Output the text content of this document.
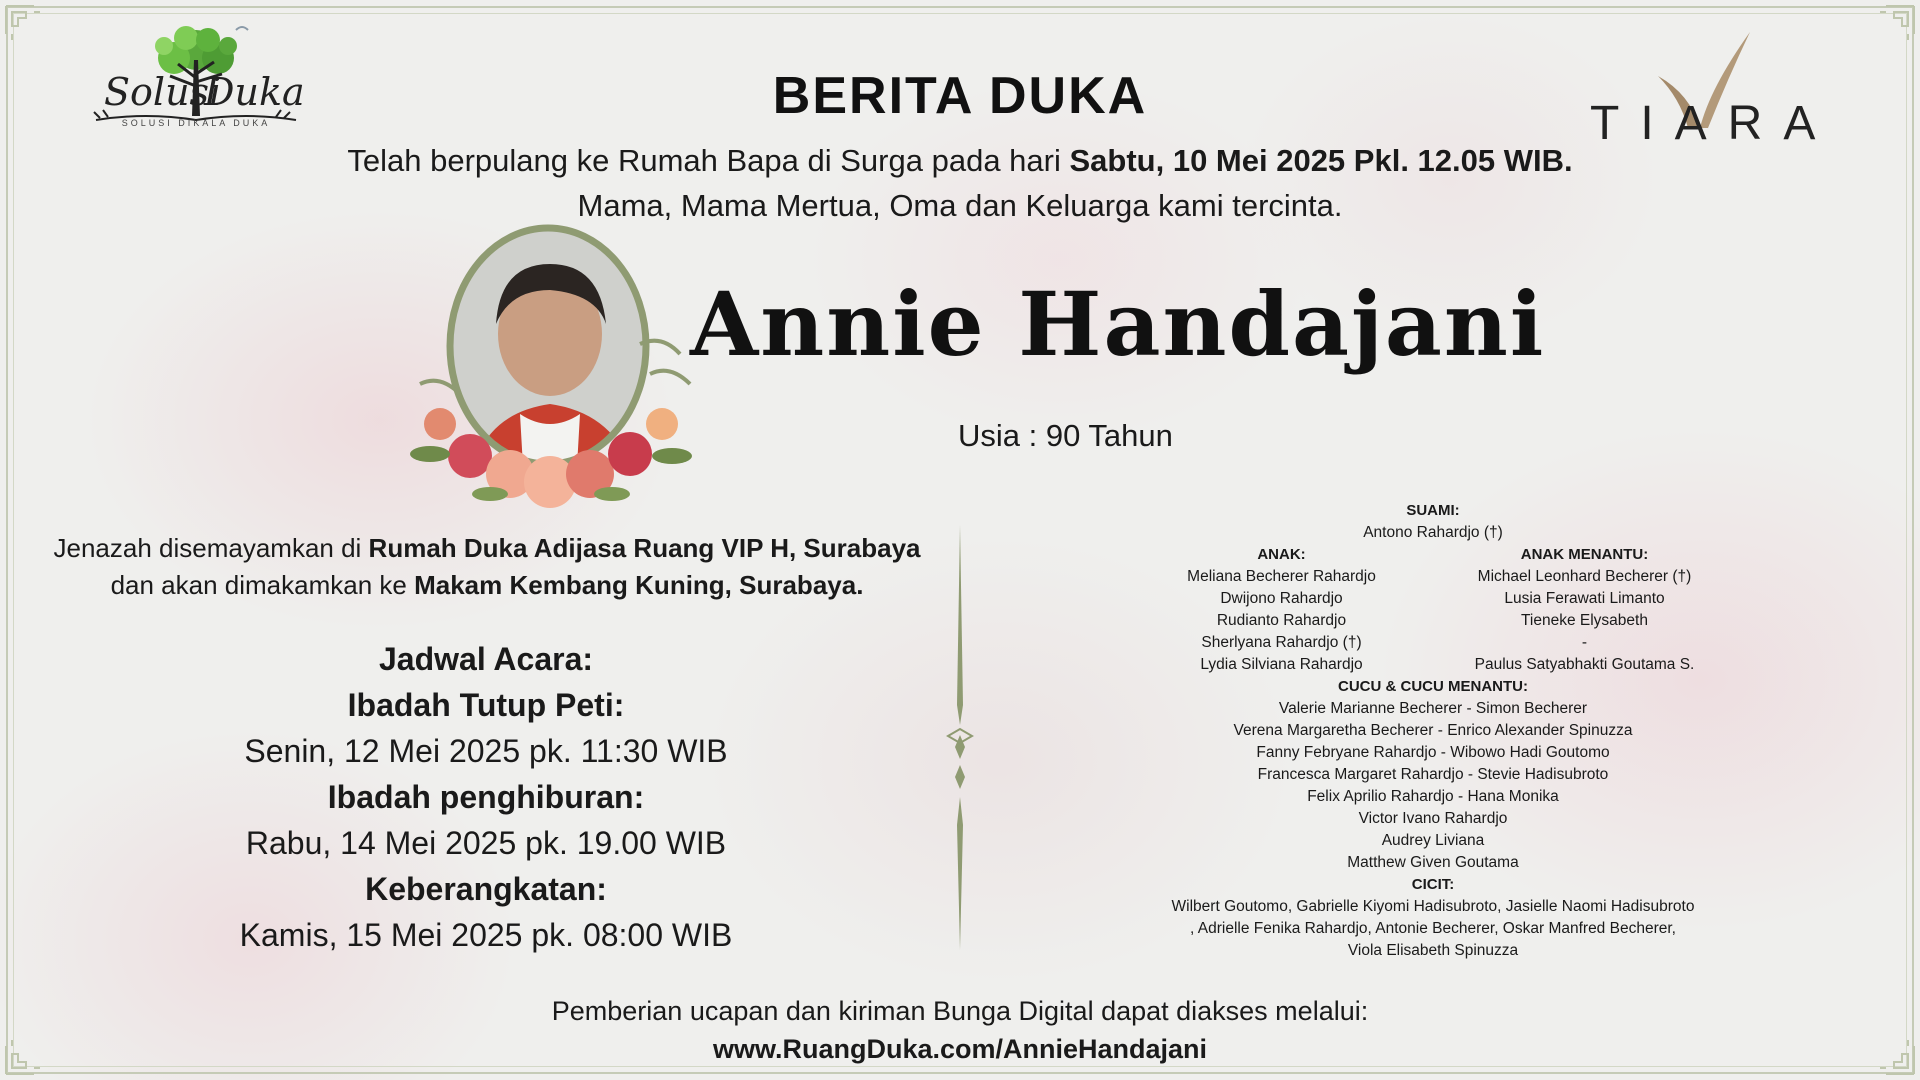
Solusi
Duka
SOLUSI DIKALA DUKA	TIARA
BERITA DUKA
Telah berpulang ke Rumah Bapa di Surga pada hari Sabtu, 10 Mei 2025 Pkl. 12.05 WIB.
Mama, Mama Mertua, Oma dan Keluarga kami tercinta.
Annie Handajani
Usia : 90 Tahun
Jenazah disemayamkan di Rumah Duka Adijasa Ruang VIP H, Surabaya
dan akan dimakamkan ke Makam Kembang Kuning, Surabaya.
Jadwal Acara:
Ibadah Tutup Peti:
Senin, 12 Mei 2025 pk. 11:30 WIB
Ibadah penghiburan:
Rabu, 14 Mei 2025 pk. 19.00 WIB
Keberangkatan:
Kamis, 15 Mei 2025 pk. 08:00 WIB
SUAMI:
Antono Rahardjo (†)
ANAK:
Meliana Becherer Rahardjo
Dwijono Rahardjo
Rudianto Rahardjo
Sherlyana Rahardjo (†)
Lydia Silviana Rahardjo
ANAK MENANTU:
Michael Leonhard Becherer (†)
Lusia Ferawati Limanto
Tieneke Elysabeth
-
Paulus Satyabhakti Goutama S.
CUCU & CUCU MENANTU:
Valerie Marianne Becherer - Simon Becherer
Verena Margaretha Becherer - Enrico Alexander Spinuzza
Fanny Febryane Rahardjo - Wibowo Hadi Goutomo
Francesca Margaret Rahardjo - Stevie Hadisubroto
Felix Aprilio Rahardjo - Hana Monika
Victor Ivano Rahardjo
Audrey Liviana
Matthew Given Goutama
CICIT:
Wilbert Goutomo, Gabrielle Kiyomi Hadisubroto, Jasielle Naomi Hadisubroto
, Adrielle Fenika Rahardjo, Antonie Becherer, Oskar Manfred Becherer,
Viola Elisabeth Spinuzza
Pemberian ucapan dan kiriman Bunga Digital dapat diakses melalui:
www.RuangDuka.com/AnnieHandajani
